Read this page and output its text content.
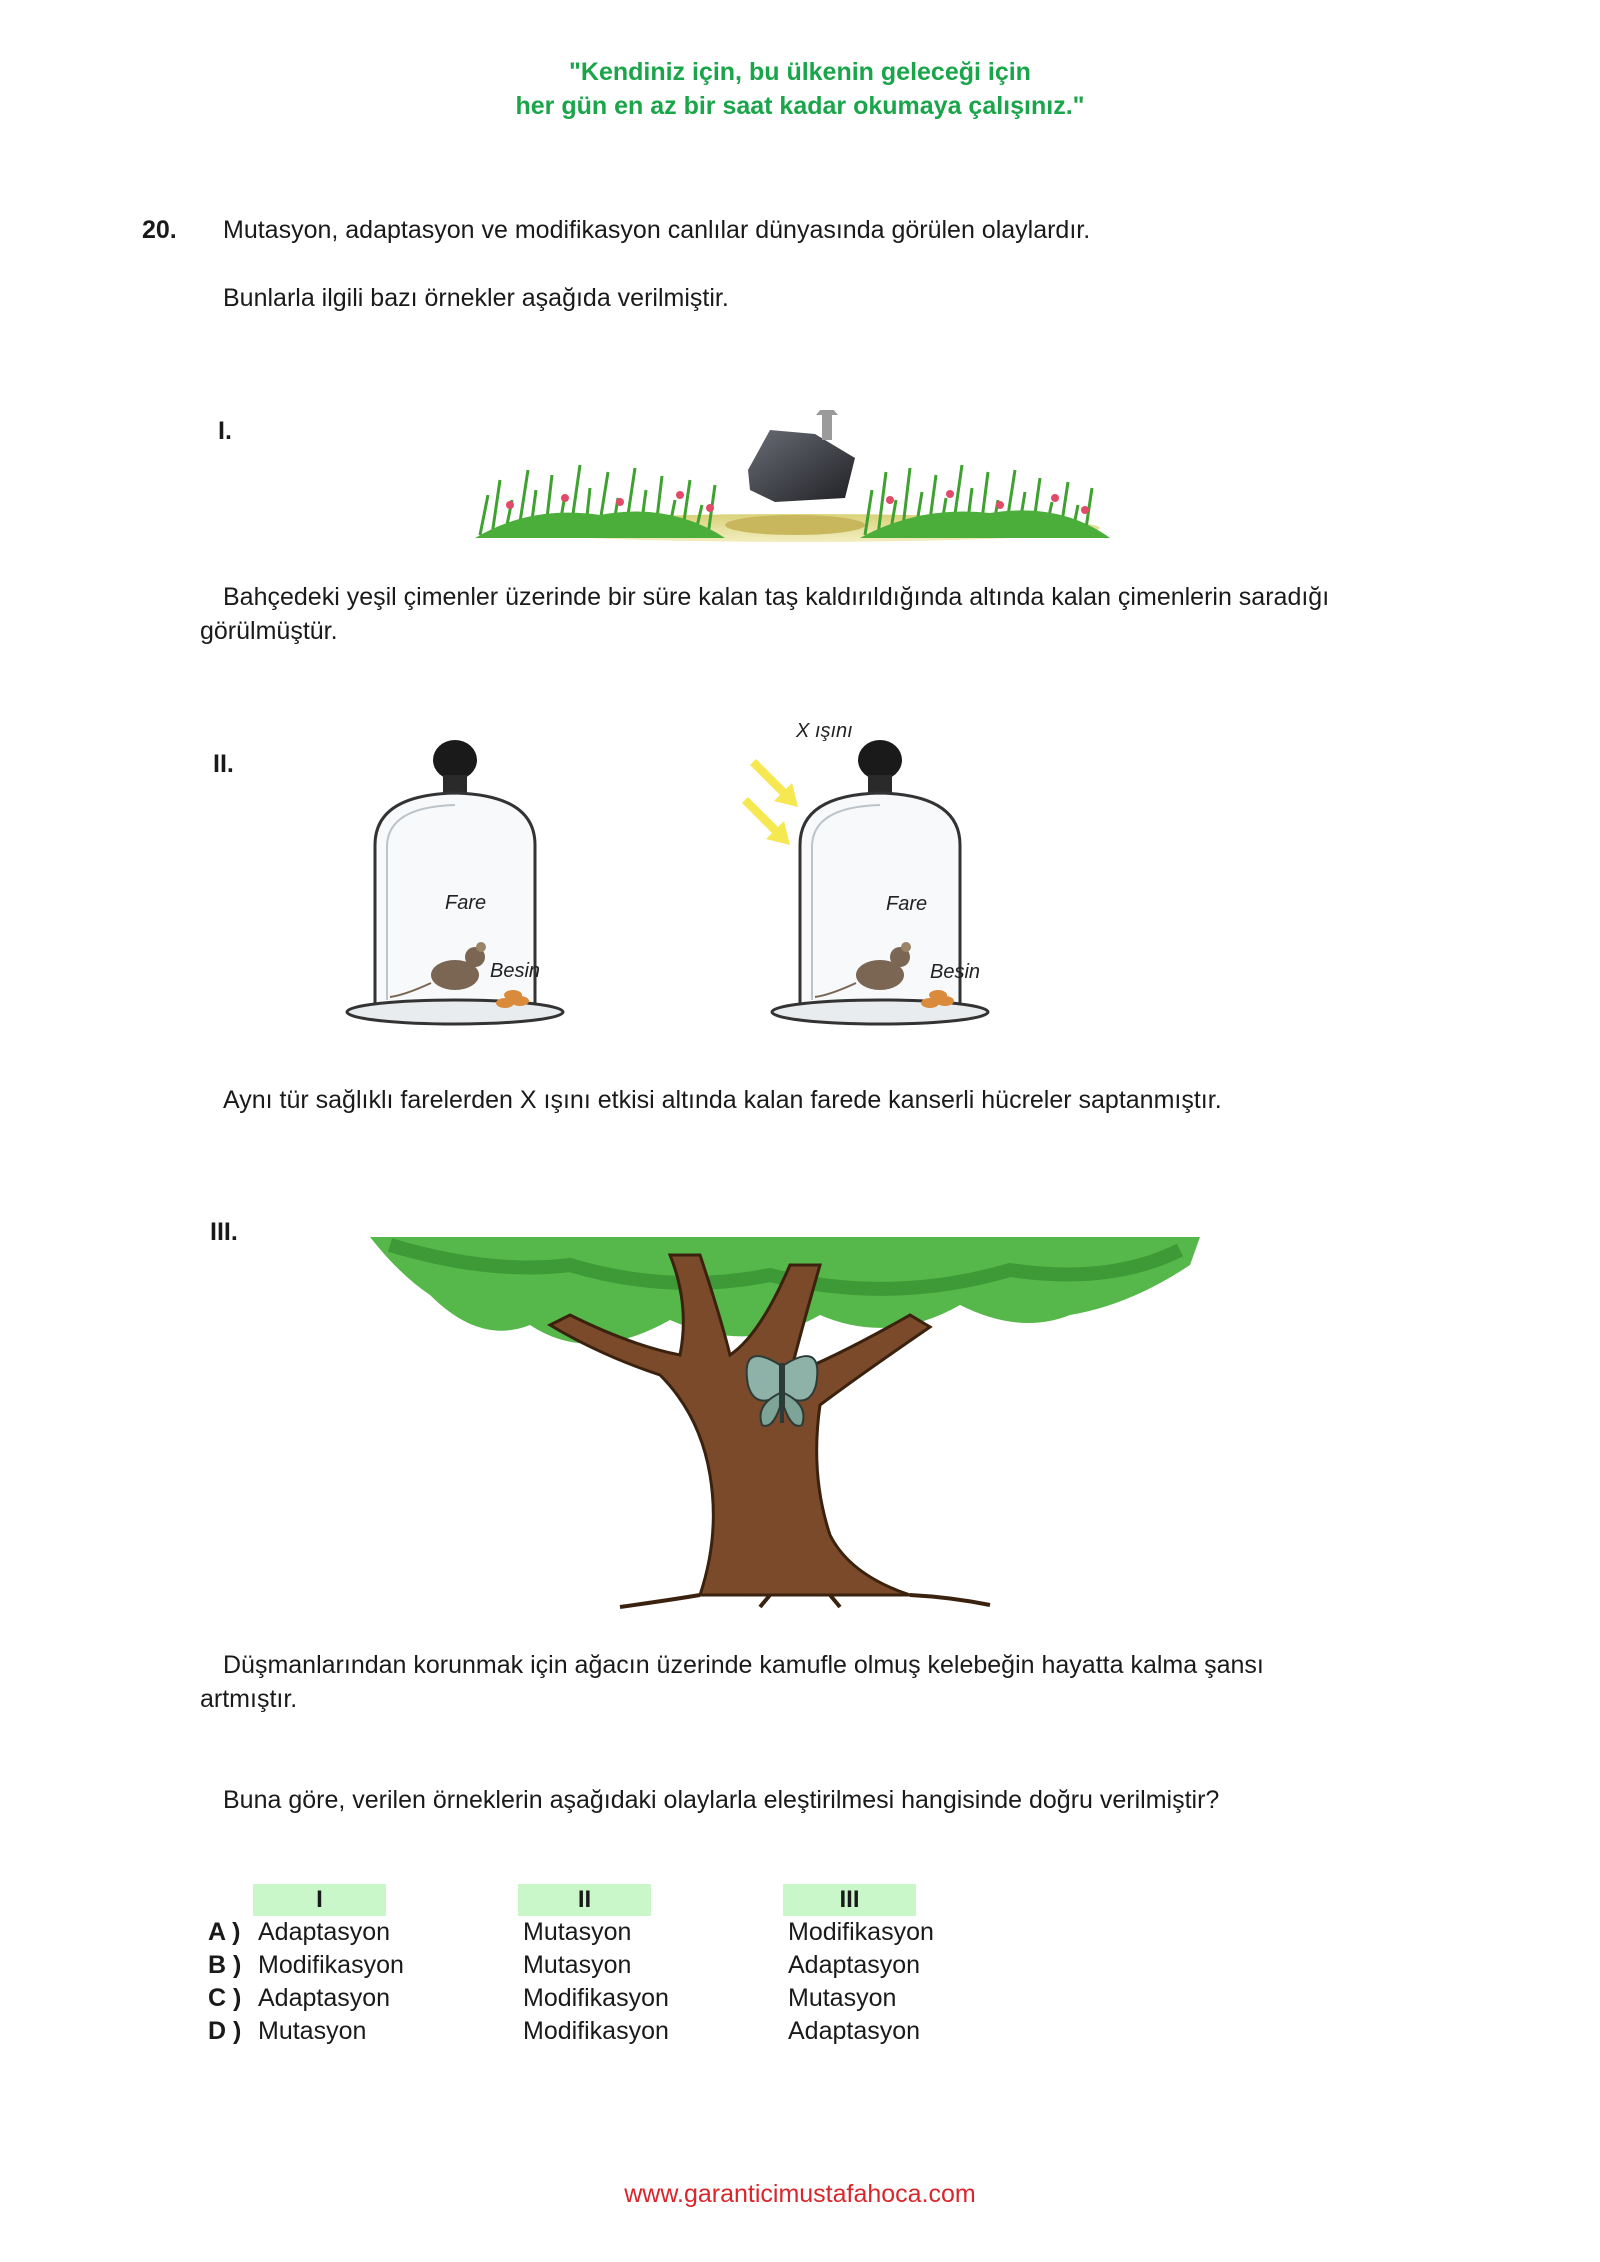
"Kendiniz için, bu ülkenin geleceği için
her gün en az bir saat kadar okumaya çalışınız."
20. Mutasyon, adaptasyon ve modifikasyon canlılar dünyasında görülen olaylardır.
Bunlarla ilgili bazı örnekler aşağıda verilmiştir.
I.
Bahçedeki yeşil çimenler üzerinde bir süre kalan taş kaldırıldığında altında kalan çimenlerin saradığı
görülmüştür.
II.
Fare
Besin
X ışını
Fare
Besin
Aynı tür sağlıklı farelerden X ışını etkisi altında kalan farede kanserli hücreler saptanmıştır.
III.
Düşmanlarından korunmak için ağacın üzerinde kamufle olmuş kelebeğin hayatta kalma şansı
artmıştır.
Buna göre, verilen örneklerin aşağıdaki olaylarla eleştirilmesi hangisinde doğru verilmiştir?
I	II	III
A ) Adaptasyon	Mutasyon	Modifikasyon
B ) Modifikasyon	Mutasyon	Adaptasyon
C ) Adaptasyon	Modifikasyon	Mutasyon
D ) Mutasyon	Modifikasyon	Adaptasyon
www.garanticimustafahoca.com
